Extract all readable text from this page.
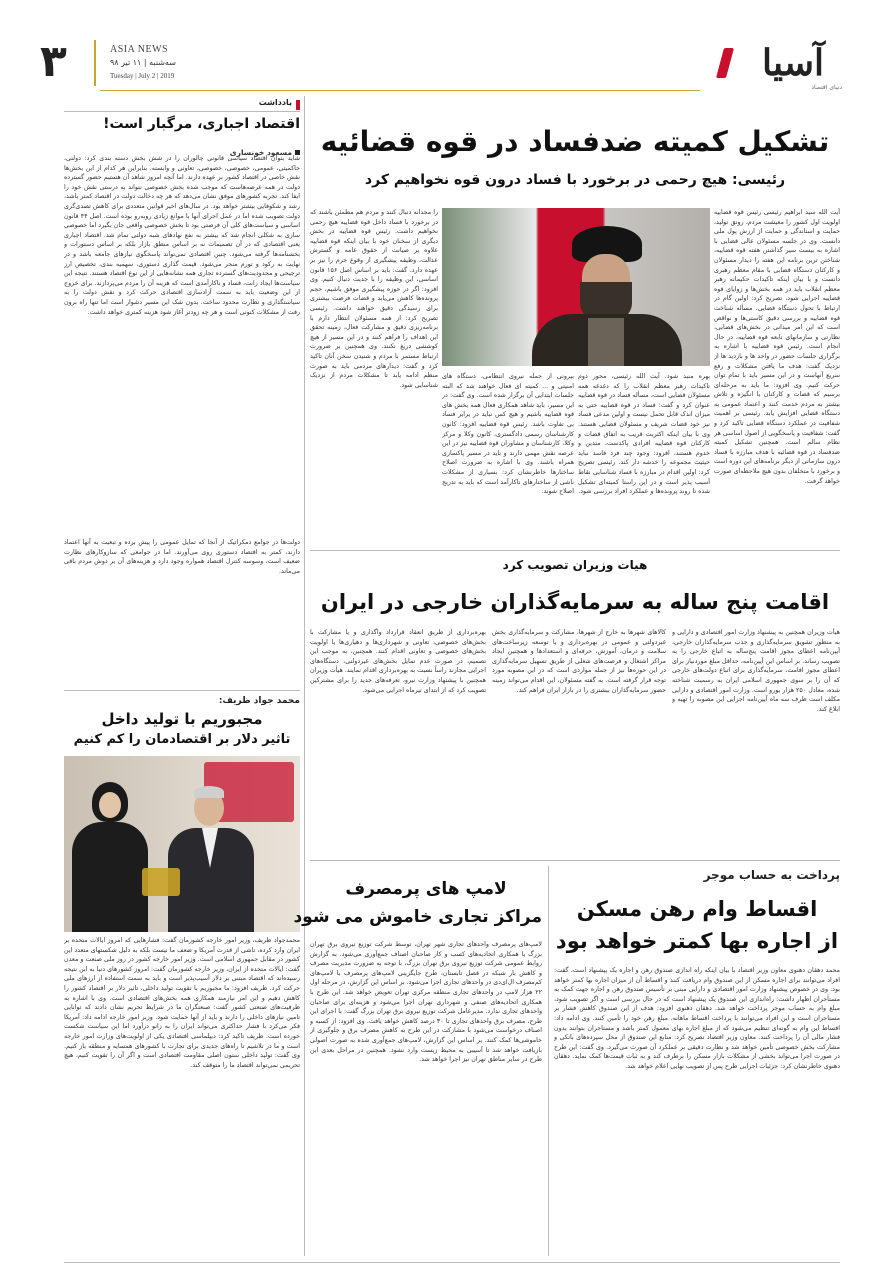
۳	ASIA NEWS
سه‌شنبه | ۱۱ تیر ۹۸
Tuesday | July 2 | 2019	آسیا
دنیای اقتصاد
یادداشت
اقتصاد اجباری، مرگبار است!
مسعود خونساری
شاید بتوان اقتصاد سیاسی قانونی چالوران را در شش بخش دسته بندی کرد: دولتی، حاکمیتی، عمومی، خصوصی، خصوصی، تعاونی و وابسته. بنابراین هر کدام از این بخش‌ها نقش خاصی در اقتصاد کشور بر عهده دارند. اما آنچه امروز شاهد آن هستیم حضور گسترده دولت در همه عرصه‌هاست که موجب شده بخش خصوصی نتواند به درستی نقش خود را ایفا کند. تجربه کشورهای موفق نشان می‌دهد که هر چه دخالت دولت در اقتصاد کمتر باشد، رشد و شکوفایی بیشتر خواهد بود. در سال‌های اخیر قوانین متعددی برای کاهش تصدی‌گری دولت تصویب شده اما در عمل اجرای آنها با موانع زیادی روبه‌رو بوده است. اصل ۴۴ قانون اساسی و سیاست‌های کلی آن فرصتی بود تا بخش خصوصی واقعی جان بگیرد اما خصوصی سازی به شکلی انجام شد که بیشتر به نفع نهادهای شبه دولتی تمام شد. اقتصاد اجباری یعنی اقتصادی که در آن تصمیمات نه بر اساس منطق بازار بلکه بر اساس دستورات و بخشنامه‌ها گرفته می‌شود. چنین اقتصادی نمی‌تواند پاسخگوی نیازهای جامعه باشد و در نهایت به رکود و تورم منجر می‌شود. قیمت گذاری دستوری، سهمیه بندی، تخصیص ارز ترجیحی و محدودیت‌های گسترده تجاری همه نشانه‌هایی از این نوع اقتصاد هستند. نتیجه این سیاست‌ها ایجاد رانت، فساد و ناکارآمدی است که هزینه آن را مردم می‌پردازند. برای خروج از این وضعیت باید به سمت آزادسازی اقتصادی حرکت کرد و نقش دولت را به سیاستگذاری و نظارت محدود ساخت. بدون شک این مسیر دشوار است اما تنها راه برون رفت از مشکلات کنونی است و هر چه زودتر آغاز شود هزینه کمتری خواهد داشت.
دولت‌ها در جوامع دمکراتیک از آنجا که تمایل عمومی را پیش برده و تبعیت به آنها اعتماد دارند، کمتر به اقتصاد دستوری روی می‌آورند. اما در جوامعی که سازوکارهای نظارت ضعیف است، وسوسه کنترل اقتصاد همواره وجود دارد و هزینه‌های آن بر دوش مردم باقی می‌ماند.
محمد جواد ظریف:
مجبوریم با تولید داخل
تاثیر دلار بر اقتصادمان را کم کنیم
محمدجواد ظریف، وزیر امور خارجه کشورمان گفت: فشارهایی که امروز ایالات متحده بر ایران وارد کرده، ناشی از قدرت آمریکا و ضعف ما نیست بلکه به دلیل شکستهای متعدد این کشور در مقابل جمهوری اسلامی است. وزیر امور خارجه کشور در روز ملی صنعت و معدن گفت: ایالات متحده از ایران، وزیر خارجه کشورمان گفت: امروز کشورهای دنیا به این نتیجه رسیده‌اند که اقتصاد مبتنی بر دلار آسیب‌پذیر است و باید به سمت استفاده از ارزهای ملی حرکت کرد. ظریف افزود: ما مجبوریم با تقویت تولید داخلی، تاثیر دلار بر اقتصاد کشور را کاهش دهیم و این امر نیازمند همکاری همه بخش‌های اقتصادی است. وی با اشاره به ظرفیت‌های صنعتی کشور گفت: صنعتگران ما در شرایط تحریم نشان دادند که توانایی تامین نیازهای داخلی را دارند و باید از آنها حمایت شود. وزیر امور خارجه ادامه داد: آمریکا فکر می‌کرد با فشار حداکثری می‌تواند ایران را به زانو درآورد اما این سیاست شکست خورده است. ظریف تاکید کرد: دیپلماسی اقتصادی یکی از اولویت‌های وزارت امور خارجه است و ما در تلاشیم تا راه‌های جدیدی برای تجارت با کشورهای همسایه و منطقه باز کنیم. وی گفت: تولید داخلی ستون اصلی مقاومت اقتصادی است و اگر آن را تقویت کنیم، هیچ تحریمی نمی‌تواند اقتصاد ما را متوقف کند.
تشکیل کمیته ضدفساد در قوه قضائیه
رئیسی: هیچ رحمی در برخورد با فساد درون قوه نخواهیم کرد
آیت الله سید ابراهیم رئیسی رئیس قوه قضاییه اولویت اول کشور را معیشت مردم، رونق تولید، حمایت و استاندگی و حمایت از ارزش پول ملی دانست. وی در جلسه مسئولان عالی قضایی با اشاره به بیست سیر گذاشتن هفته قوه قضاییه، شناختن ترین برنامه این هفته را دیدار مسئولان و کارکنان دستگاه قضایی با مقام معظم رهبری دانست و با بیان اینکه تاکیدات حکیمانه رهبر معظم انقلاب باید در همه بخش‌ها و زوایای قوه قضاییه اجرایی شود، تصریح کرد: اولین گام در ارتباط با تحول دستگاه قضایی، مسأله شناخت قوه قضاییه و بررسی دقیق کاستی‌ها و نواقص است که این امر میدانی در بخش‌های قضایی، نظارتی و سازمانهای تابعه قوه قضاییه، در حال انجام است. رئیس قوه قضاییه با اشاره به برگزاری جلسات حضور در واحد ها و بازدید ها از نزدیک گفت: هدف ما یافتن مشکلات و رفع سریع آنهاست و در این مسیر باید با تمام توان حرکت کنیم. وی افزود: ما باید به مرحله‌ای برسیم که قضات و کارکنان با انگیزه و تلاش بیشتر به مردم خدمت کنند و اعتماد عمومی به دستگاه قضایی افزایش یابد. رئیسی بر اهمیت شفافیت در عملکرد دستگاه قضایی تاکید کرد و گفت: شفافیت و پاسخگویی از اصول اساسی هر نظام سالم است. همچنین تشکیل کمیته ضدفساد در قوه قضائیه با هدف مبارزه با فساد درون سازمانی از دیگر برنامه‌های این دوره است و برخورد با متخلفان بدون هیچ ملاحظه‌ای صورت خواهد گرفت.
بهره منبد شود. آیت الله رئیسی، محور دوم تاکیدات رهبر معظم انقلاب را که دغدغه همه مسئولان قضایی است، مسأله فساد در قوه قضاییه عنوان کرد و گفت: فساد در قوه قضاییه حتی به میزان اندک قابل تحمل نیست و اولین مدعی فساد نیز خود قضات شریف و مسئولان قضایی هستند. وی با بیان اینکه اکثریت قریب به اتفاق قضات و کارکنان قوه قضاییه افرادی پاکدست، متدین و خدوم هستند، افزود: وجود چند فرد فاسد نباید حیثیت مجموعه را خدشه دار کند. رئیسی تصریح کرد: اولین اقدام در مبارزه با فساد شناسایی نقاط آسیب پذیر است و در این راستا کمیته‌ای تشکیل شده تا روند پرونده‌ها و عملکرد افراد بررسی شود.
بیرونی از جمله نیروی انتظامی، دستگاه های امنیتی و ... کمیته ای فعال خواهند شد که البته جلسات ابتدایی آن برگزار شده است. وی گفت: در این مسیر، باید شاهد همکاری فعال همه بخش های قوه قضاییه باشیم و هیچ کس نباید در برابر فساد بی تفاوت باشد. رئیس قوه قضاییه افزود: کانون کارشناسان رسمی دادگستری، کانون وکلا و مرکز وکلا، کارشناسان و مشاوران قوه قضاییه نیز در این عرصه نقش مهمی دارند و باید در مسیر پاکسازی همراه باشند. وی با اشاره به ضرورت اصلاح ساختارها خاطرنشان کرد: بسیاری از مشکلات ناشی از ساختارهای ناکارآمد است که باید به تدریج اصلاح شوند.
را مجدانه دنبال کنند و مردم هم مطمئن باشند که در برخورد با فساد داخل قوه قضاییه هیچ رحمی نخواهیم داشت. رئیس قوه قضاییه در بخش دیگری از سخنان خود با بیان اینکه قوه قضاییه علاوه بر صیانت از حقوق عامه و گسترش عدالت، وظیفه پیشگیری از وقوع جرم را نیز بر عهده دارد، گفت: باید بر اساس اصل ۱۵۶ قانون اساسی، این وظیفه را با جدیت دنبال کنیم. وی افزود: اگر در حوزه پیشگیری موفق باشیم، حجم پرونده‌ها کاهش می‌یابد و قضات فرصت بیشتری برای رسیدگی دقیق خواهند داشت. رئیسی تصریح کرد: از همه مسئولان انتظار دارم با برنامه‌ریزی دقیق و مشارکت فعال، زمینه تحقق این اهداف را فراهم کنند و در این مسیر از هیچ کوششی دریغ نکنند. وی همچنین بر ضرورت ارتباط مستمر با مردم و شنیدن سخن آنان تاکید کرد و گفت: دیدارهای مردمی باید به صورت منظم ادامه یابد تا مشکلات مردم از نزدیک شناسایی شود.
هیات وزیران تصویب کرد
اقامت پنج ساله به سرمایه‌گذاران خارجی در ایران
هیأت وزیران همچنین به پیشنهاد وزارت امور اقتصادی و دارایی و به منظور تشویق سرمایه‌گذاری و جذب سرمایه‌گذاران خارجی، آیین‌نامه اعطای مجوز اقامت پنج‌ساله به اتباع خارجی را به تصویب رساند. بر اساس این آیین‌نامه، حداقل مبلغ موردنیاز برای اعطای مجوز اقامت، سرمایه‌گذاری برای اتباع دولت‌های خارجی که آن را بر سوی جمهوری اسلامی ایران به رسمیت شناخته شده، معادل ۲۵۰ هزار یورو است. وزارت امور اقتصادی و دارایی مکلف است ظرف سه ماه آیین‌نامه اجرایی این مصوبه را تهیه و ابلاغ کند.
کالاهای شهرها به خارج از شهرها، مشارکت و سرمایه‌گذاری بخش غیردولتی و عمومی در بهره‌برداری و یا توسعه زیرساخت‌های سلامت و درمان، آموزش، حرفه‌ای و استعدادها و همچنین ایجاد مراکز اشتغال و فرصت‌های شغلی از طریق تسهیل سرمایه‌گذاری در این حوزه‌ها نیز از جمله مواردی است که در این مصوبه مورد توجه قرار گرفته است. به گفته مسئولان، این اقدام می‌تواند زمینه حضور سرمایه‌گذاران بیشتری را در بازار ایران فراهم کند.
بهره‌برداری از طریق انعقاد قرارداد واگذاری و یا مشارکت با بخش‌های خصوصی، تعاونی و شهرداری‌ها و دهیاری‌ها با اولویت بخش‌های خصوصی و تعاونی اقدام کنند. همچنین، به موجب این تصمیم، در صورت عدم تمایل بخش‌های غیردولتی، دستگاه‌های اجرایی مجازند راساً نسبت به بهره‌برداری اقدام نمایند. هیأت وزیران همچنین با پیشنهاد وزارت نیرو، تعرفه‌های جدید را برای مشترکین تصویب کرد که از ابتدای تیرماه اجرایی می‌شود.
پرداخت به حساب موجر
اقساط وام رهن مسکن
از اجاره بها کمتر خواهد بود
محمد دهقان دهنوی معاون وزیر اقتصاد با بیان اینکه راه اندازی صندوق رهن و اجاره یک پیشنهاد است، گفت: افراد می‌توانند برای اجاره مسکن از این صندوق وام دریافت کنند و اقساط آن از میزان اجاره بها کمتر خواهد بود. وی در خصوص پیشنهاد وزارت امور اقتصادی و دارایی مبنی بر تأسیس صندوق رهن و اجاره جهت کمک به مستأجران اظهار داشت: راه‌اندازی این صندوق یک پیشنهاد است که در حال بررسی است و اگر تصویب شود، مبلغ وام به حساب موجر پرداخت خواهد شد. دهقان دهنوی افزود: هدف از این صندوق کاهش فشار بر مستاجران است و این افراد می‌توانند با پرداخت اقساط ماهانه، مبلغ رهن خود را تأمین کنند. وی ادامه داد: اقساط این وام به گونه‌ای تنظیم می‌شود که از مبلغ اجاره بهای معمول کمتر باشد و مستاجران بتوانند بدون فشار مالی آن را پرداخت کنند. معاون وزیر اقتصاد تصریح کرد: منابع این صندوق از محل سپرده‌های بانکی و مشارکت بخش خصوصی تأمین خواهد شد و نظارت دقیقی بر عملکرد آن صورت می‌گیرد. وی گفت: این طرح در صورت اجرا می‌تواند بخشی از مشکلات بازار مسکن را برطرف کند و به ثبات قیمت‌ها کمک نماید. دهقان دهنوی خاطرنشان کرد: جزئیات اجرایی طرح پس از تصویب نهایی اعلام خواهد شد.
لامپ های پرمصرف
مراکز تجاری خاموش می شود
لامپ‌های پرمصرف واحدهای تجاری شهر تهران، توسط شرکت توزیع نیروی برق تهران بزرگ با همکاری اتحادیه‌های کسب و کار صاحبان اصناف جمع‌آوری می‌شود. به گزارش روابط عمومی شرکت توزیع نیروی برق تهران بزرگ، با توجه به ضرورت مدیریت مصرف و کاهش بار شبکه در فصل تابستان، طرح جایگزینی لامپ‌های پرمصرف با لامپ‌های کم‌مصرف ال‌ای‌دی در واحدهای تجاری اجرا می‌شود. بر اساس این گزارش، در مرحله اول ۲۲ هزار لامپ در واحدهای تجاری منطقه مرکزی تهران تعویض خواهد شد. این طرح با همکاری اتحادیه‌های صنفی و شهرداری تهران اجرا می‌شود و هزینه‌ای برای صاحبان واحدهای تجاری ندارد. مدیرعامل شرکت توزیع نیروی برق تهران بزرگ گفت: با اجرای این طرح، مصرف برق واحدهای تجاری تا ۳۰ درصد کاهش خواهد یافت. وی افزود: از کسبه و اصناف درخواست می‌شود با مشارکت در این طرح به کاهش مصرف برق و جلوگیری از خاموشی‌ها کمک کنند. بر اساس این گزارش، لامپ‌های جمع‌آوری شده به صورت اصولی بازیافت خواهد شد تا آسیبی به محیط زیست وارد نشود. همچنین در مراحل بعدی این طرح در سایر مناطق تهران نیز اجرا خواهد شد.
